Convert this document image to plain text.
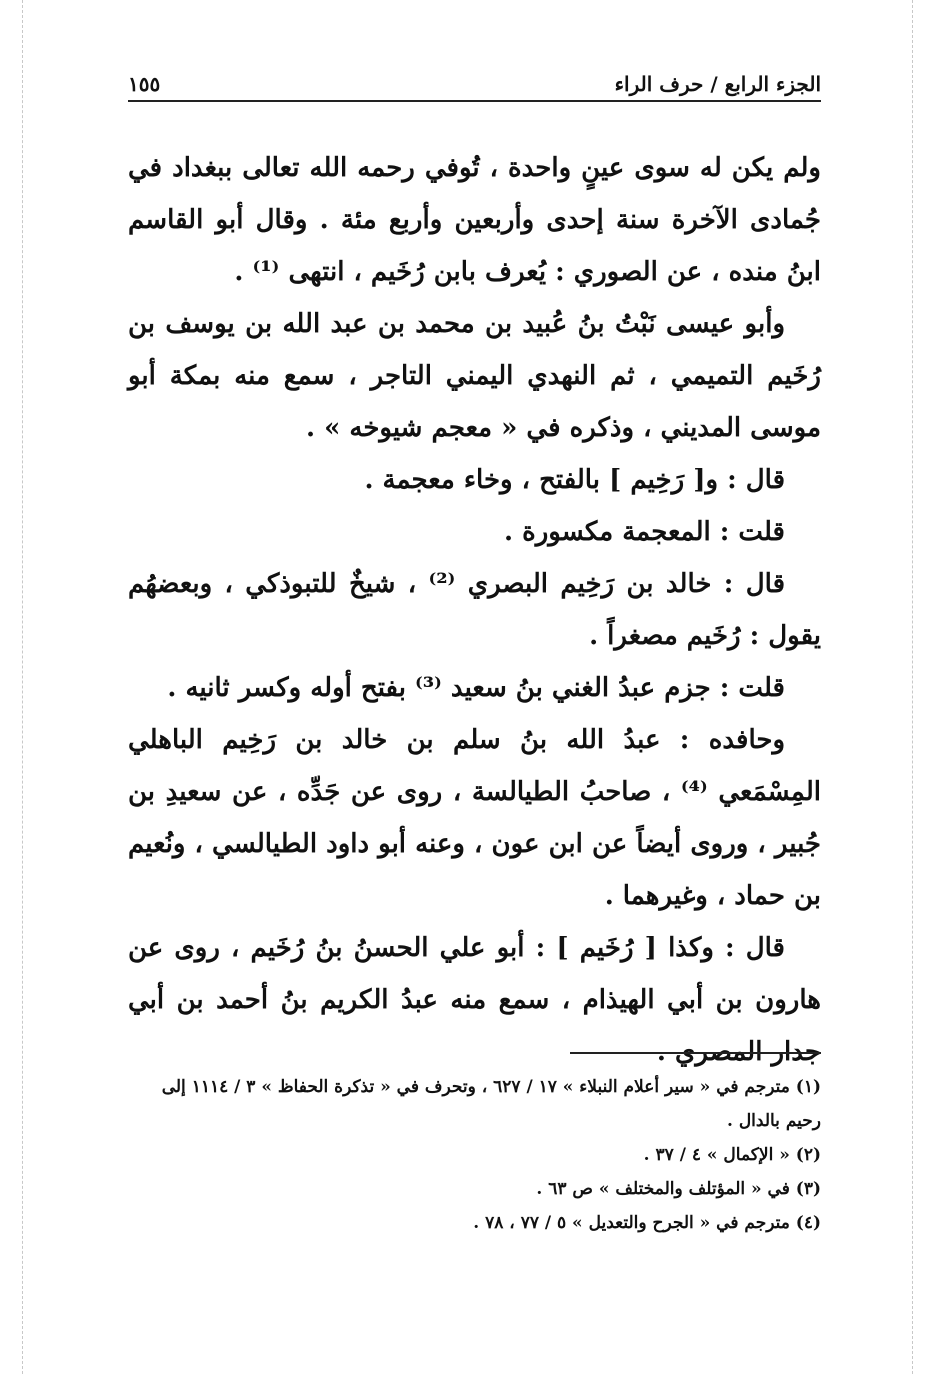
الجزء الرابع / حرف الراء
١٥٥

ولم يكن له سوى عينٍ واحدة ، تُوفي رحمه الله تعالى ببغداد في جُمادى الآخرة سنة إحدى وأربعين وأربع مئة . وقال أبو القاسم ابنُ منده ، عن الصوري : يُعرف بابن رُخَيم ، انتهى ⁽¹⁾ .

وأبو عيسى نَبْتُ بنُ عُبيد بن محمد بن عبد الله بن يوسف بن رُخَيم التميمي ، ثم النهدي اليمني التاجر ، سمع منه بمكة أبو موسى المديني ، وذكره في « معجم شيوخه » .

قال : و[ رَخِيم ] بالفتح ، وخاء معجمة .

قلت : المعجمة مكسورة .

قال : خالد بن رَخِيم البصري ⁽²⁾ ، شيخٌ للتبوذكي ، وبعضهُم يقول : رُخَيم مصغراً .

قلت : جزم عبدُ الغني بنُ سعيد ⁽³⁾ بفتح أوله وكسر ثانيه .

وحافده : عبدُ الله بنُ سلم بن خالد بن رَخِيم الباهلي المِسْمَعي ⁽⁴⁾ ، صاحبُ الطيالسة ، روى عن جَدِّه ، عن سعيدِ بن جُبير ، وروى أيضاً عن ابن عون ، وعنه أبو داود الطيالسي ، ونُعيم بن حماد ، وغيرهما .

قال : وكذا [ رُخَيم ] : أبو علي الحسنُ بنُ رُخَيم ، روى عن هارون بن أبي الهيذام ، سمع منه عبدُ الكريم بنُ أحمد بن أبي جدار المصري .

(١) مترجم في « سير أعلام النبلاء » ١٧ / ٦٢٧ ، وتحرف في « تذكرة الحفاظ » ٣ / ١١١٤ إلى رحيم بالدال .

(٢) « الإكمال » ٤ / ٣٧ .

(٣) في « المؤتلف والمختلف » ص ٦٣ .

(٤) مترجم في « الجرح والتعديل » ٥ / ٧٧ ، ٧٨ .
